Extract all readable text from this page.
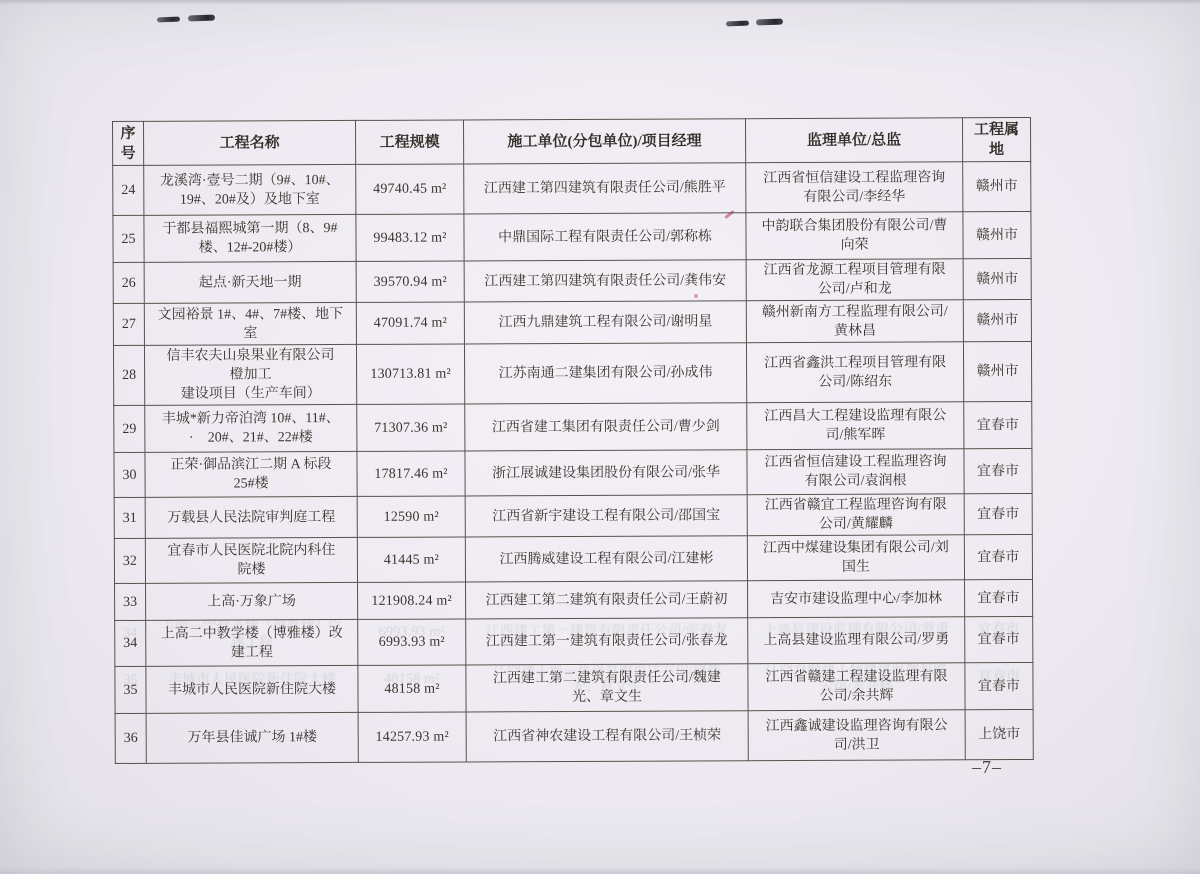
序
号	工程名称	工程规模	施工单位(分包单位)/项目经理	监理单位/总监	工程属
地
24	龙溪湾·壹号二期（9#、10#、
19#、20#及）及地下室	49740.45 m²	江西建工第四建筑有限责任公司/熊胜平	江西省恒信建设工程监理咨询
有限公司/李经华	赣州市
25	于都县福熙城第一期（8、9#
楼、12#-20#楼）	99483.12 m²	中鼎国际工程有限责任公司/郭称栋	中韵联合集团股份有限公司/曹
向荣	赣州市
26	起点·新天地一期	39570.94 m²	江西建工第四建筑有限责任公司/龚伟安	江西省龙源工程项目管理有限
公司/卢和龙	赣州市
27	文园裕景 1#、4#、7#楼、地下
室	47091.74 m²	江西九鼎建筑工程有限公司/谢明星	赣州新南方工程监理有限公司/
黄林昌	赣州市
28	信丰农夫山泉果业有限公司
橙加工
建设项目（生产车间）	130713.81 m²	江苏南通二建集团有限公司/孙成伟	江西省鑫洪工程项目管理有限
公司/陈绍东	赣州市
29	丰城*新力帝泊湾 10#、11#、
·　20#、21#、22#楼	71307.36 m²	江西省建工集团有限责任公司/曹少剑	江西昌大工程建设监理有限公
司/熊军晖	宜春市
30	正荣·御品滨江二期 A 标段
25#楼	17817.46 m²	浙江展诚建设集团股份有限公司/张华	江西省恒信建设工程监理咨询
有限公司/袁润根	宜春市
31	万载县人民法院审判庭工程	12590 m²	江西省新宇建设工程有限公司/邵国宝	江西省赣宜工程监理咨询有限
公司/黄耀麟	宜春市
32	宜春市人民医院北院内科住
院楼	41445 m²	江西腾威建设工程有限公司/江建彬	江西中煤建设集团有限公司/刘
国生	宜春市
33	上高·万象广场	121908.24 m²	江西建工第二建筑有限责任公司/王蔚初	吉安市建设监理中心/李加林	宜春市
34	上高二中教学楼（博雅楼）改
建工程	6993.93 m²	江西建工第一建筑有限责任公司/张春龙	上高县建设监理有限公司/罗勇	宜春市
35	丰城市人民医院新住院大楼	48158 m²	江西建工第二建筑有限责任公司/魏建
光、章文生	江西省赣建工程建设监理有限
公司/余共辉	宜春市
36	万年县佳诚广场 1#楼	14257.93 m²	江西省神农建设工程有限公司/王桢荣	江西鑫诚建设监理咨询有限公
司/洪卫	上饶市
–7–
